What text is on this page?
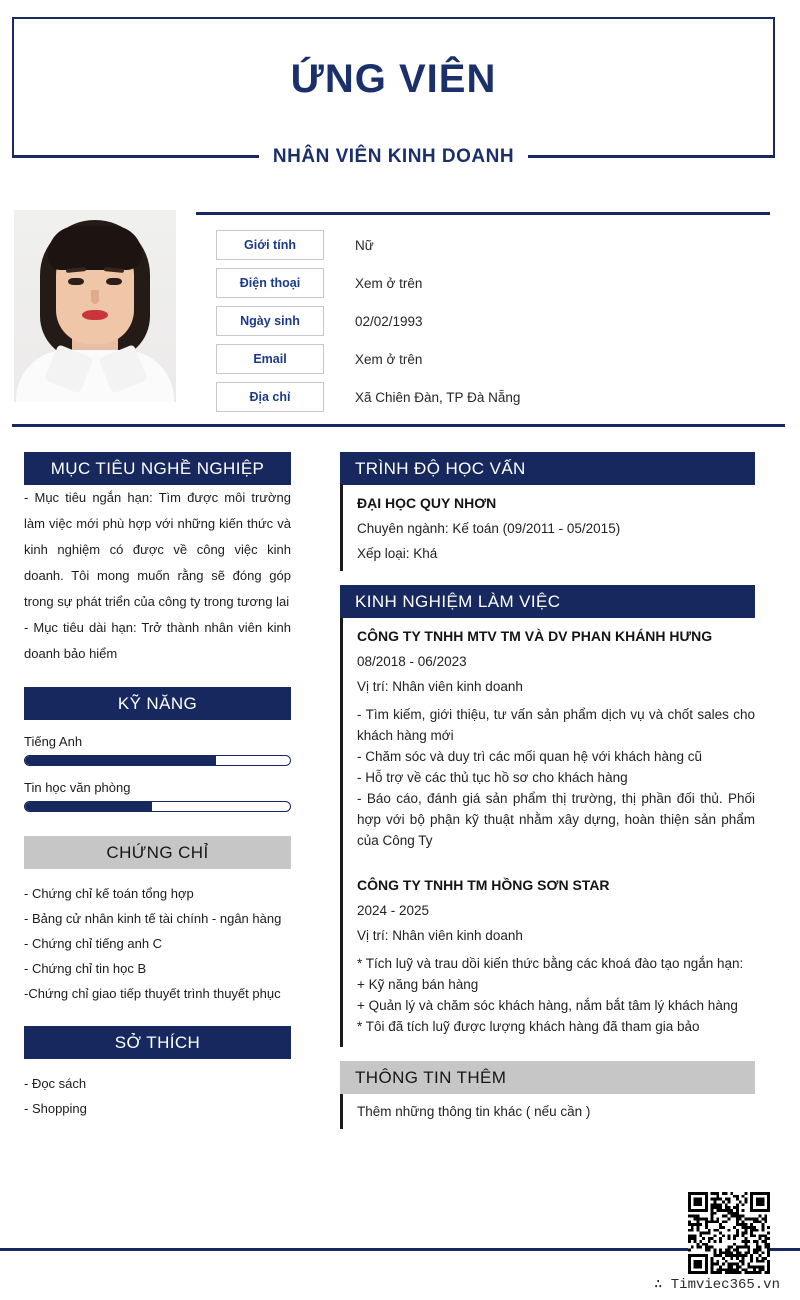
ỨNG VIÊN
NHÂN VIÊN KINH DOANH
Giới tính	Nữ
Điện thoại	Xem ở trên
Ngày sinh	02/02/1993
Email	Xem ở trên
Địa chỉ	Xã Chiên Đàn, TP Đà Nẵng
MỤC TIÊU NGHỀ NGHIỆP

- Mục tiêu ngắn hạn: Tìm được môi trường làm việc mới phù hợp với những kiến thức và kinh nghiệm có được về công việc kinh doanh. Tôi mong muốn rằng sẽ đóng góp trong sự phát triển của công ty trong tương lai

- Mục tiêu dài hạn: Trở thành nhân viên kinh doanh bảo hiểm

KỸ NĂNG
Tiếng Anh
Tin học văn phòng
CHỨNG CHỈ

- Chứng chỉ kế toán tổng hợp

- Bảng cử nhân kinh tế tài chính - ngân hàng

- Chứng chỉ tiếng anh C

- Chứng chỉ tin học B

-Chứng chỉ giao tiếp thuyết trình thuyết phục

SỞ THÍCH

- Đọc sách

- Shopping

TRÌNH ĐỘ HỌC VẤN
ĐẠI HỌC QUY NHƠN
Chuyên ngành: Kế toán (09/2011 - 05/2015)
Xếp loại: Khá
KINH NGHIỆM LÀM VIỆC
CÔNG TY TNHH MTV TM VÀ DV PHAN KHÁNH HƯNG
08/2018 - 06/2023
Vị trí: Nhân viên kinh doanh

- Tìm kiếm, giới thiệu, tư vấn sản phẩm dịch vụ và chốt sales cho khách hàng mới

- Chăm sóc và duy trì các mối quan hệ với khách hàng cũ

- Hỗ trợ về các thủ tục hồ sơ cho khách hàng

- Báo cáo, đánh giá sản phẩm thị trường, thị phần đối thủ. Phối hợp với bộ phận kỹ thuật nhằm xây dựng, hoàn thiện sản phẩm của Công Ty

CÔNG TY TNHH TM HỒNG SƠN STAR
2024 - 2025
Vị trí: Nhân viên kinh doanh

* Tích luỹ và trau dồi kiến thức bằng các khoá đào tạo ngắn hạn:

+ Kỹ năng bán hàng

+ Quản lý và chăm sóc khách hàng, nắm bắt tâm lý khách hàng

* Tôi đã tích luỹ được lượng khách hàng đã tham gia bảo

THÔNG TIN THÊM
Thêm những thông tin khác ( nếu cần )
∴ Timviec365.vn
